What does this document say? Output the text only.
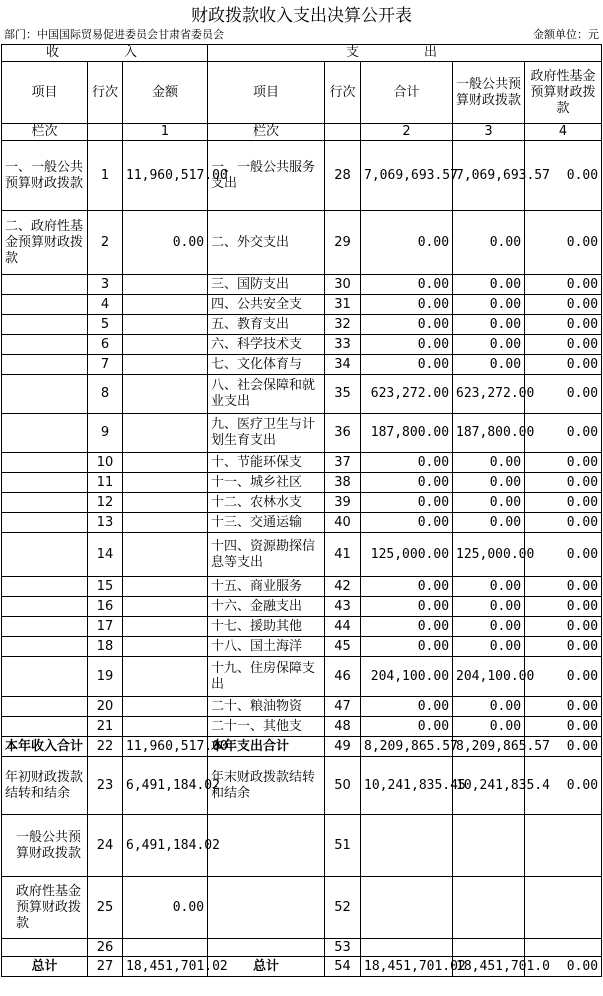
财政拨款收入支出决算公开表
部门：中国国际贸易促进委员会甘肃省委员会	金额单位：元
收　入			支　出				
项目	行次	金额	项目	行次	合计	一般公共预算财政拨款	政府性基金预算财政拨款
栏次		1	栏次		2	3	4
一、一般公共预算财政拨款	1	11,960,517.00	一、一般公共服务支出	28	7,069,693.57	7,069,693.57	0.00
二、政府性基金预算财政拨款	2	0.00	二、外交支出	29	0.00	0.00	0.00
	3		三、国防支出	30	0.00	0.00	0.00
	4		四、公共安全支	31	0.00	0.00	0.00
	5		五、教育支出	32	0.00	0.00	0.00
	6		六、科学技术支	33	0.00	0.00	0.00
	7		七、文化体育与	34	0.00	0.00	0.00
	8		八、社会保障和就业支出	35	623,272.00	623,272.00	0.00
	9		九、医疗卫生与计划生育支出	36	187,800.00	187,800.00	0.00
	10		十、节能环保支	37	0.00	0.00	0.00
	11		十一、城乡社区	38	0.00	0.00	0.00
	12		十二、农林水支	39	0.00	0.00	0.00
	13		十三、交通运输	40	0.00	0.00	0.00
	14		十四、资源勘探信息等支出	41	125,000.00	125,000.00	0.00
	15		十五、商业服务	42	0.00	0.00	0.00
	16		十六、金融支出	43	0.00	0.00	0.00
	17		十七、援助其他	44	0.00	0.00	0.00
	18		十八、国土海洋	45	0.00	0.00	0.00
	19		十九、住房保障支出	46	204,100.00	204,100.00	0.00
	20		二十、粮油物资	47	0.00	0.00	0.00
	21		二十一、其他支	48	0.00	0.00	0.00
本年收入合计	22	11,960,517.00	本年支出合计	49	8,209,865.57	8,209,865.57	0.00
年初财政拨款结转和结余	23	6,491,184.02	年末财政拨款结转和结余	50	10,241,835.45	10,241,835.4	0.00
一般公共预算财政拨款	24	6,491,184.02		51			
政府性基金预算财政拨款	25	0.00		52			
	26			53			
总计	27	18,451,701.02	总计	54	18,451,701.02	18,451,701.0	0.00
